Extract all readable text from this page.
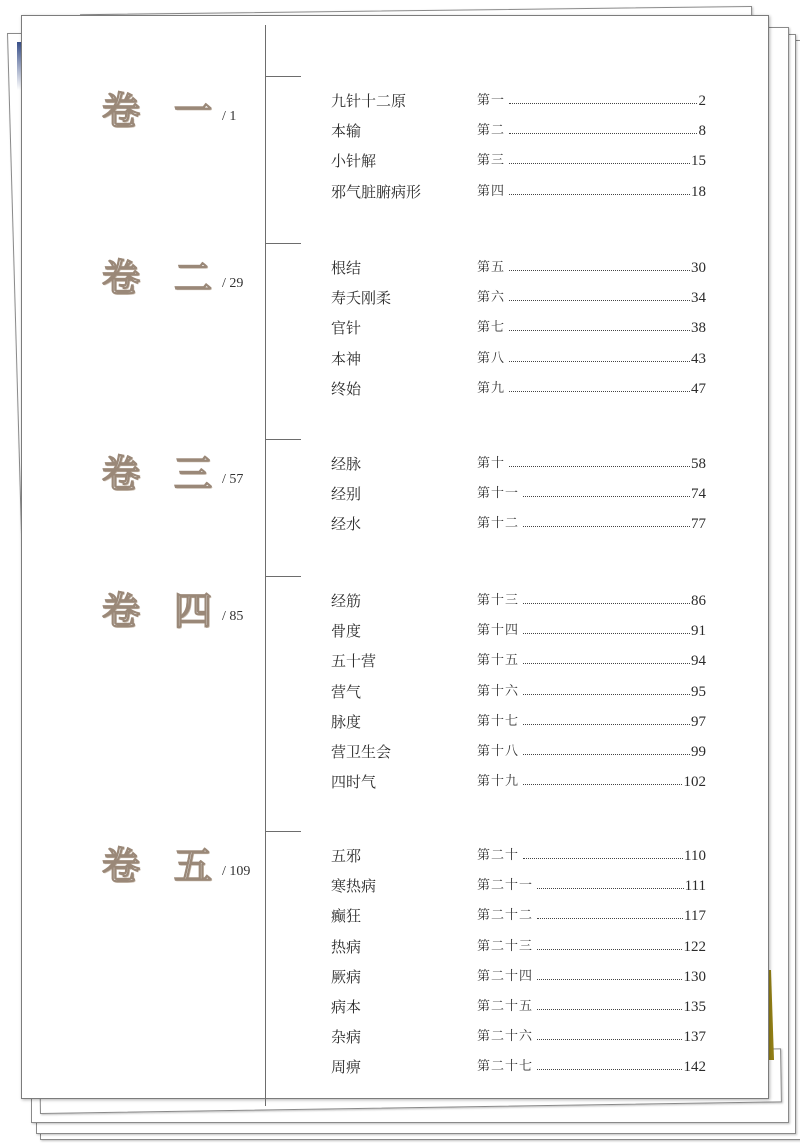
卷 一 / 1
九针十二原	第一	2
本输	第二	8
小针解	第三	15
邪气脏腑病形	第四	18
卷 二 / 29
根结	第五	30
寿夭刚柔	第六	34
官针	第七	38
本神	第八	43
终始	第九	47
卷 三 / 57
经脉	第十	58
经别	第十一	74
经水	第十二	77
卷 四 / 85
经筋	第十三	86
骨度	第十四	91
五十营	第十五	94
营气	第十六	95
脉度	第十七	97
营卫生会	第十八	99
四时气	第十九	102
卷 五 / 109
五邪	第二十	110
寒热病	第二十一	111
癫狂	第二十二	117
热病	第二十三	122
厥病	第二十四	130
病本	第二十五	135
杂病	第二十六	137
周痹	第二十七	142
